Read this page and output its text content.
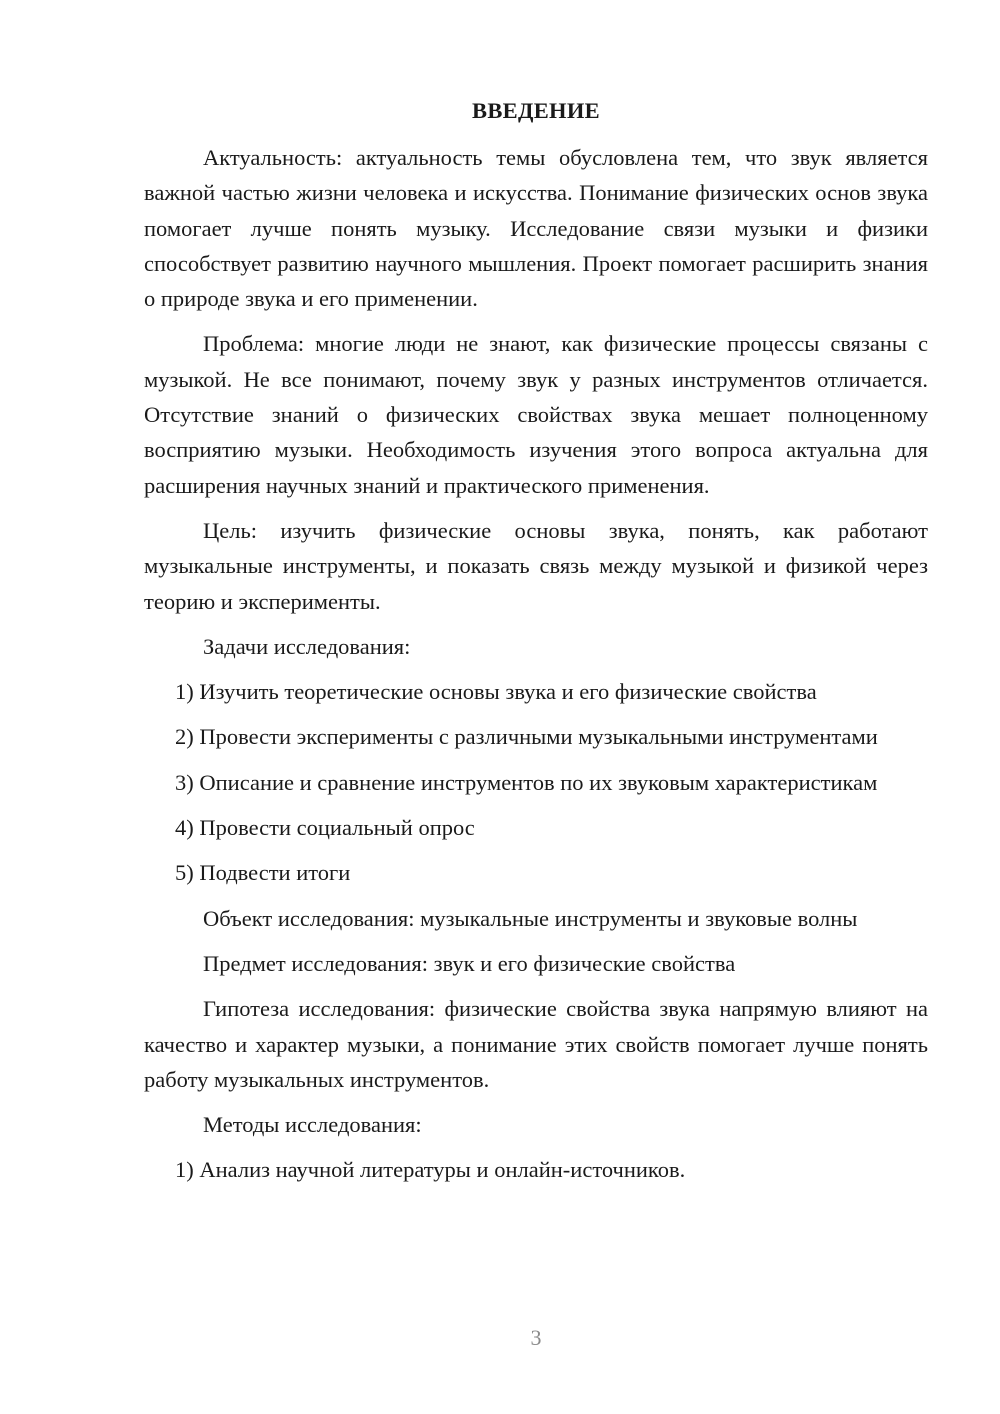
ВВЕДЕНИЕ

Актуальность: актуальность темы обусловлена тем, что звук является важной частью жизни человека и искусства. Понимание физических основ звука помогает лучше понять музыку. Исследование связи музыки и физики способствует развитию научного мышления. Проект помогает расширить знания о природе звука и его применении.

Проблема: многие люди не знают, как физические процессы связаны с музыкой. Не все понимают, почему звук у разных инструментов отличается. Отсутствие знаний о физических свойствах звука мешает полноценному восприятию музыки. Необходимость изучения этого вопроса актуальна для расширения научных знаний и практического применения.

Цель: изучить физические основы звука, понять, как работают музыкальные инструменты, и показать связь между музыкой и физикой через теорию и эксперименты.

Задачи исследования:

1) Изучить теоретические основы звука и его физические свойства

2) Провести эксперименты с различными музыкальными инструментами

3) Описание и сравнение инструментов по их звуковым характеристикам

4) Провести социальный опрос

5) Подвести итоги

Объект исследования: музыкальные инструменты и звуковые волны

Предмет исследования: звук и его физические свойства

Гипотеза исследования: физические свойства звука напрямую влияют на качество и характер музыки, а понимание этих свойств помогает лучше понять работу музыкальных инструментов.

Методы исследования:

1) Анализ научной литературы и онлайн-источников.

3
